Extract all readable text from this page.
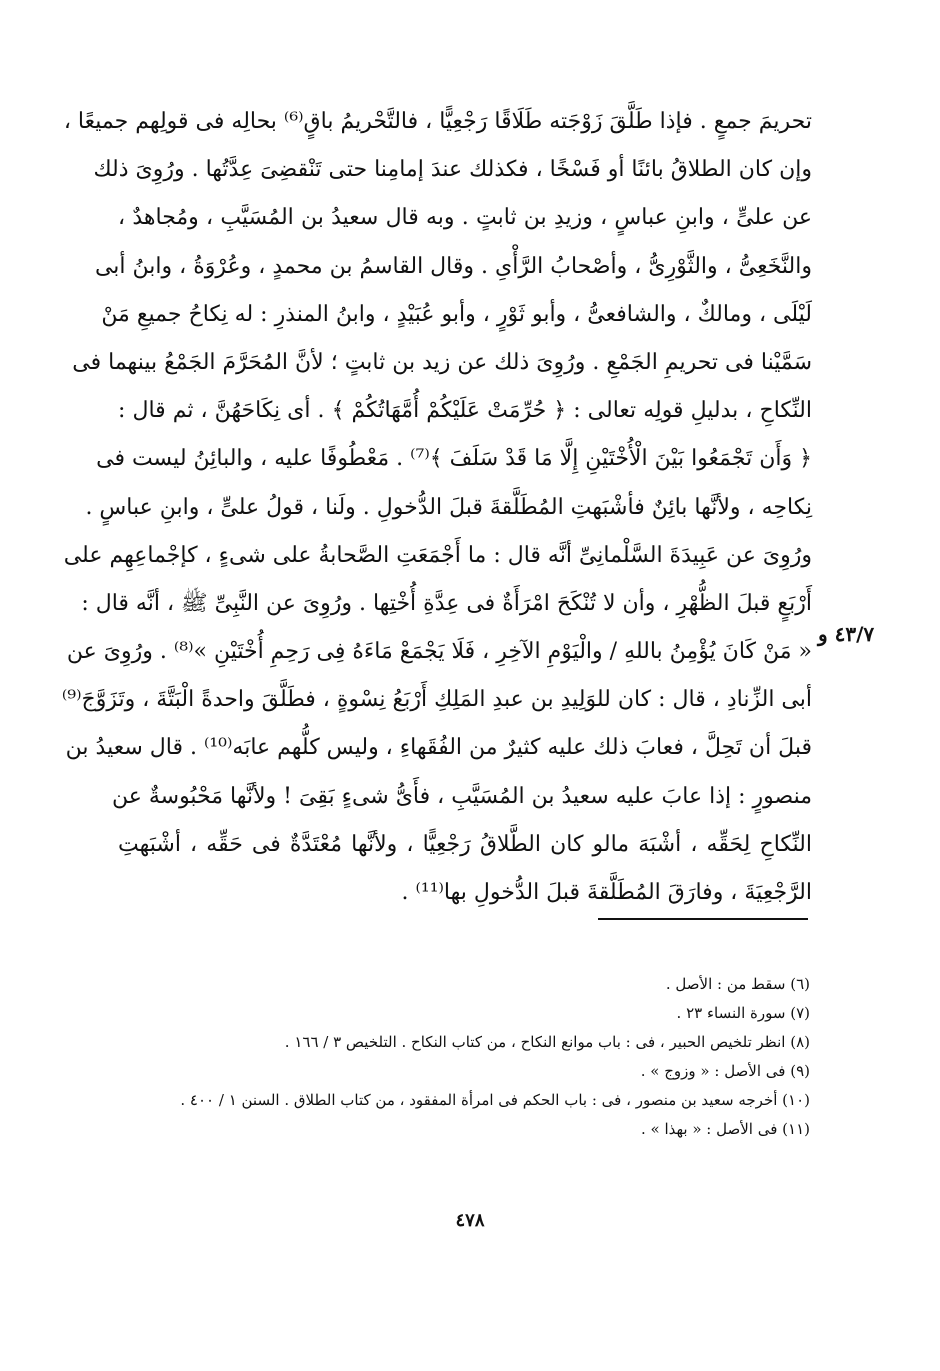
تحريمَ جمعٍ . فإذا طَلَّقَ زَوْجَته طَلَاقًا رَجْعِيًّا ، فالتَّحْريمُ باقٍ⁽⁶⁾ بحالِه فى قولِهم جميعًا ،
وإن كان الطلاقُ بائنًا أو فَسْخًا ، فكذلك عندَ إمامِنا حتى تَنْقضِىَ عِدَّتُها . ورُوِىَ ذلك
عن علىٍّ ، وابنِ عباسٍ ، وزيدِ بن ثابتٍ . وبه قال سعيدُ بن المُسَيَّبِ ، ومُجاهدٌ ،
والنَّخَعِىُّ ، والثَّوْرِىُّ ، وأصْحابُ الرَّأْىِ . وقال القاسمُ بن محمدٍ ، وعُرْوَةُ ، وابنُ أبى
لَيْلَى ، ومالكٌ ، والشافعىُّ ، وأبو ثَوْرٍ ، وأبو عُبَيْدٍ ، وابنُ المنذرِ : له نِكاحُ جميعِ مَنْ
سَمَّيْنا فى تحريمِ الجَمْعِ . ورُوِىَ ذلك عن زيد بن ثابتٍ ؛ لأنَّ المُحَرَّمَ الجَمْعُ بينهما فى
النِّكاحِ ، بدليلِ قولِه تعالى : ﴿ حُرِّمَتْ عَلَيْكُمْ أُمَّهَاتُكُمْ ﴾ . أى نِكَاحَهُنَّ ، ثم قال :
﴿ وَأَن تَجْمَعُوا بَيْنَ الْأُخْتَيْنِ إِلَّا مَا قَدْ سَلَفَ ﴾⁽⁷⁾ . مَعْطُوفًا عليه ، والبائِنُ ليست فى
نِكاحِه ، ولأنَّها بائِنٌ فأشْبَهتِ المُطَلَّقةَ قبلَ الدُّخولِ . ولَنا ، قولُ علىٍّ ، وابنِ عباسٍ .
ورُوِىَ عن عَبِيدَةَ السَّلْمانِىِّ أنَّه قال : ما أَجْمَعَتِ الصَّحابةُ على شىءٍ ، كإجْماعِهِم على
أَرْبَعٍ قبلَ الظُّهْرِ ، وأن لا تُنْكَحَ امْرَأَةٌ فى عِدَّةِ أُخْتِها . ورُوِىَ عن النَّبِىِّ ﷺ ، أنَّه قال :
« مَنْ كَانَ يُؤْمِنُ باللهِ / والْيَوْمِ الآخِرِ ، فَلَا يَجْمَعْ مَاءَهُ فِى رَحِمِ أُخْتَيْنِ »⁽⁸⁾ . ورُوِىَ عن
أبى الزِّنادِ ، قال : كان للوَلِيدِ بن عبدِ المَلِكِ أَرْبَعُ نِسْوةٍ ، فطَلَّقَ واحدةً الْبَتَّةَ ، وتَزَوَّجَ⁽⁹⁾
قبلَ أن تَحِلَّ ، فعابَ ذلك عليه كثيرٌ من الفُقَهاءِ ، وليس كلُّهم عابَه⁽¹⁰⁾ . قال سعيدُ بن
منصورٍ : إذا عابَ عليه سعيدُ بن المُسَيَّبِ ، فأَىُّ شىءٍ بَقِىَ ! ولأنَّها مَحْبُوسةٌ عن
النِّكاحِ لِحَقِّه ، أشْبَهَ مالو كان الطَّلاقُ رَجْعِيًّا ، ولأنَّها مُعْتَدَّةٌ فى حَقِّه ، أشْبَهتِ
الرَّجْعِيَةَ ، وفارَقَ المُطَلَّقةَ قبلَ الدُّخولِ بها⁽¹¹⁾ .
٤٣/٧ و
(٦) سقط من : الأصل .
(٧) سورة النساء ٢٣ .
(٨) انظر تلخيص الحبير ، فى : باب موانع النكاح ، من كتاب النكاح . التلخيص ٣ / ١٦٦ .
(٩) فى الأصل : « وزوج » .
(١٠) أخرجه سعيد بن منصور ، فى : باب الحكم فى امرأة المفقود ، من كتاب الطلاق . السنن ١ / ٤٠٠ .
(١١) فى الأصل : « بهذا » .
٤٧٨
